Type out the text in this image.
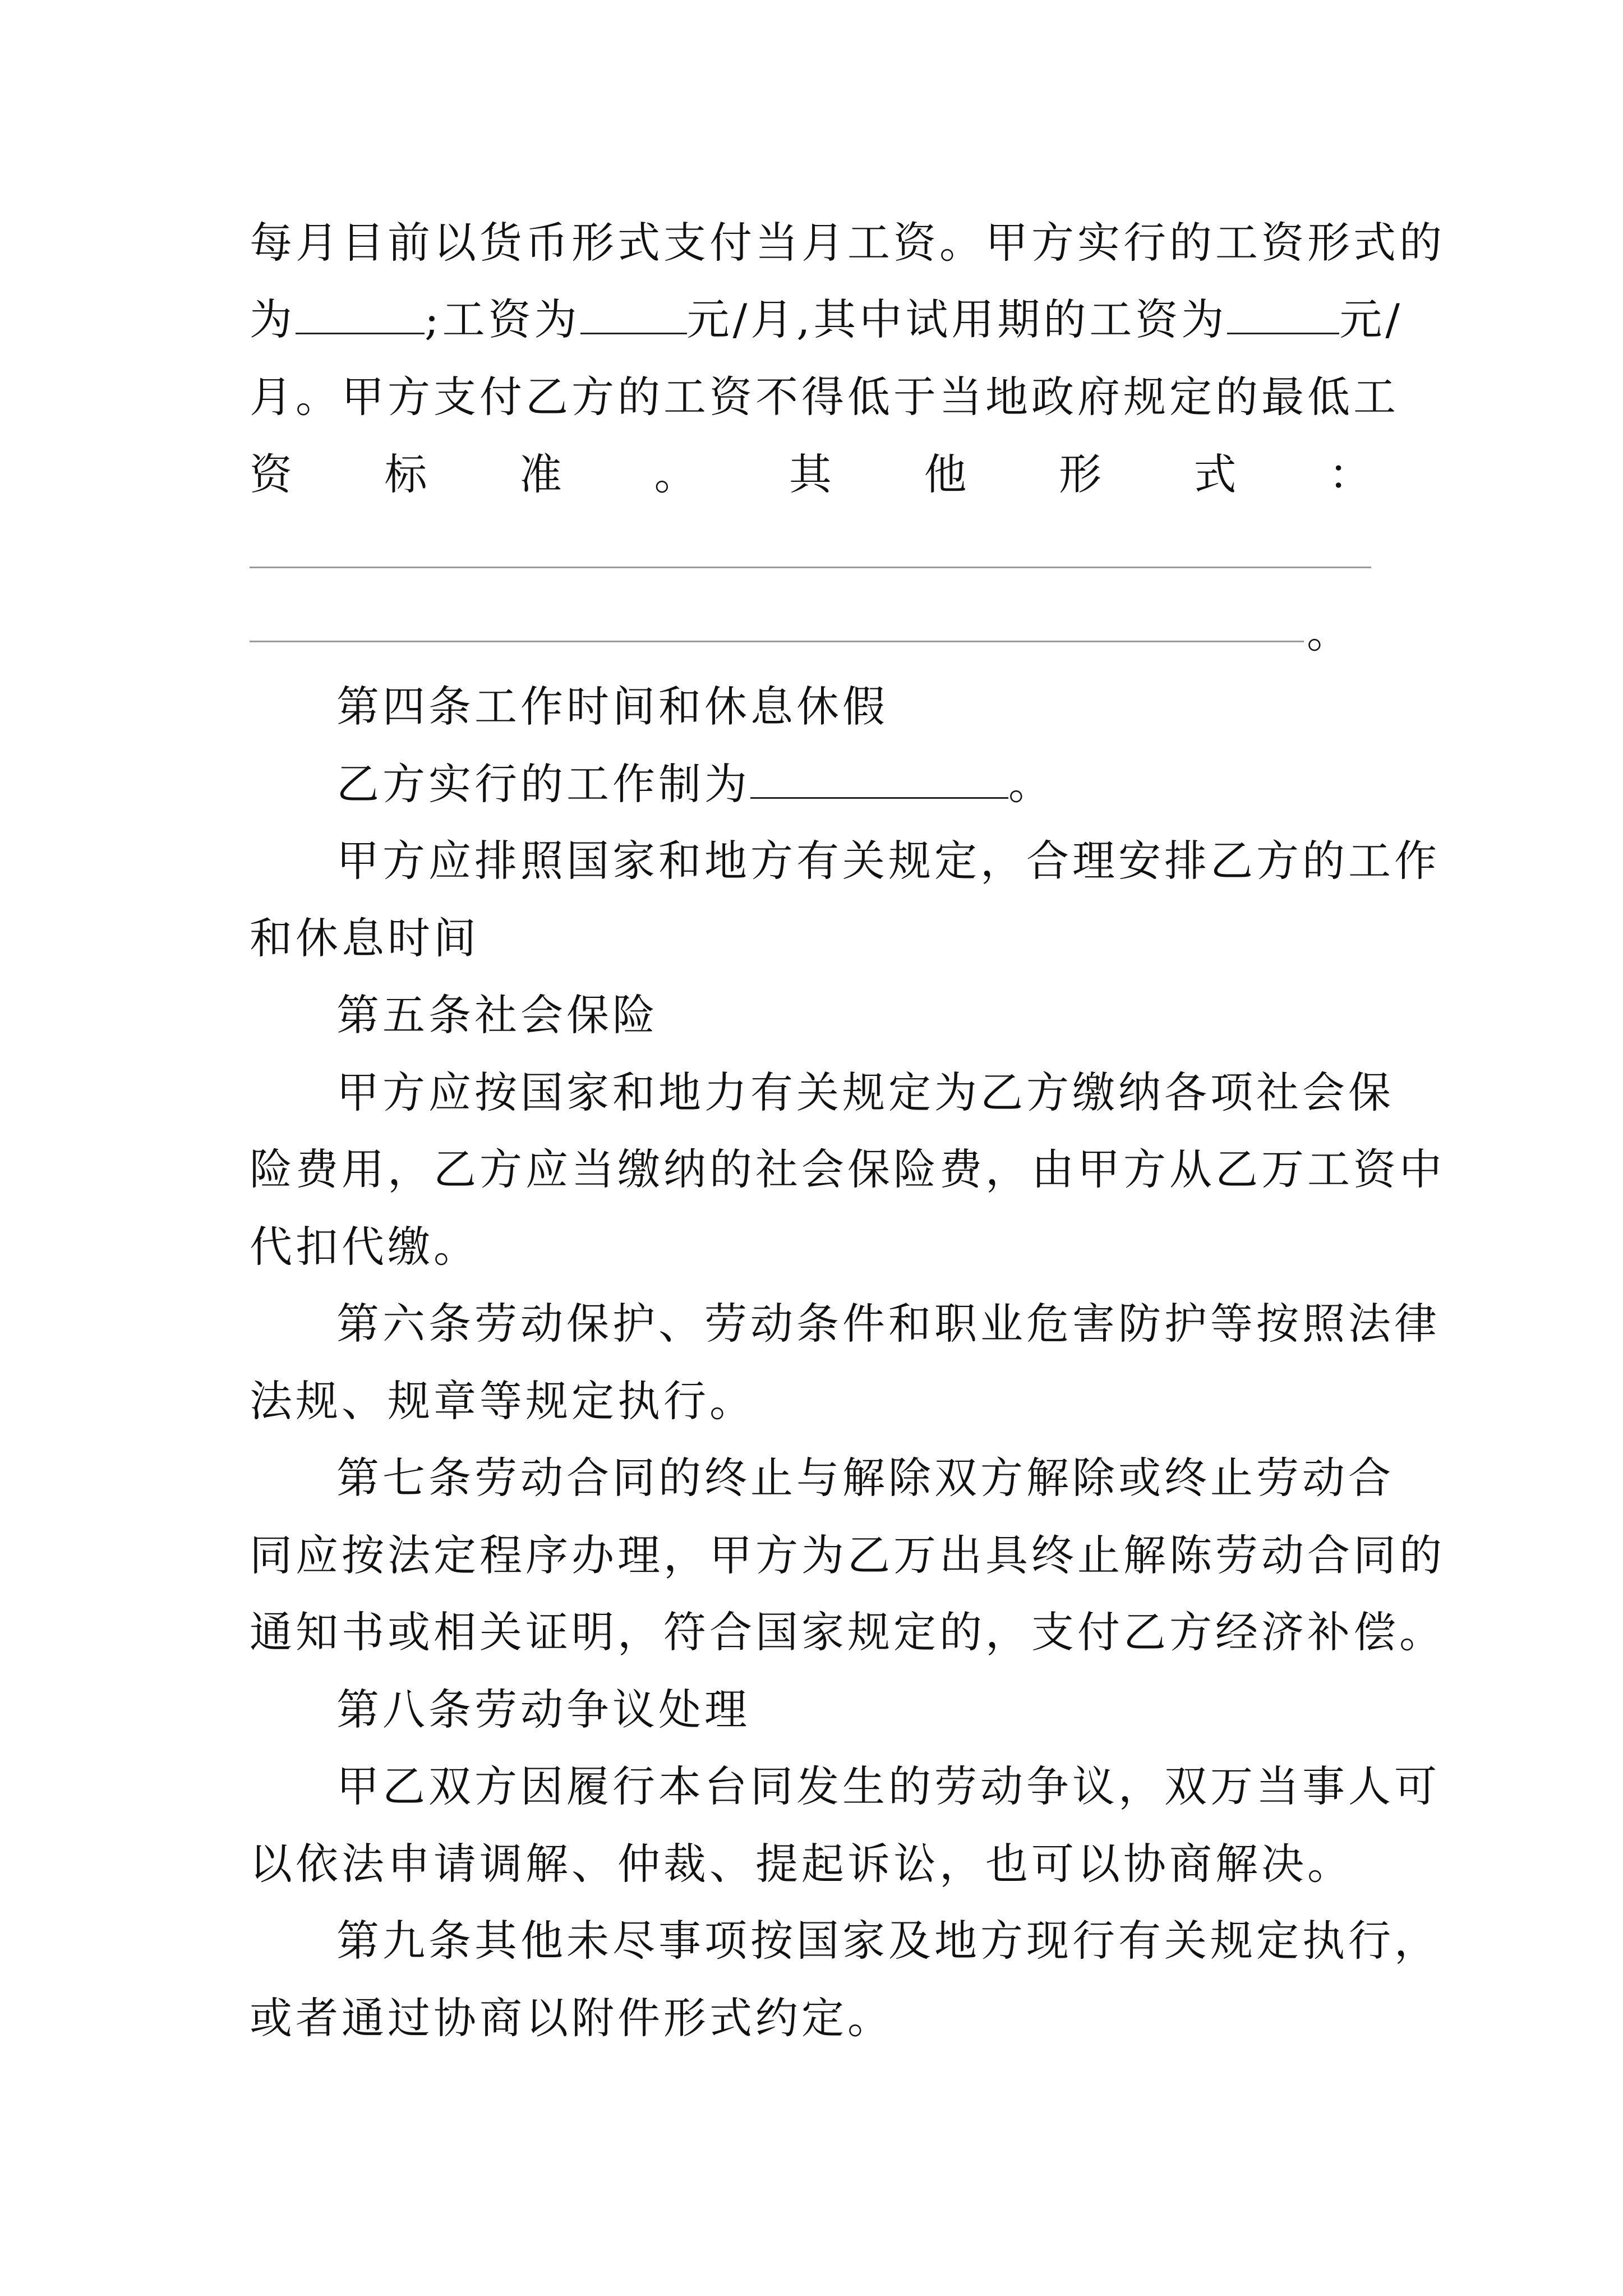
每月目前以货币形式支付当月工资。甲方实行的工资形式的
为	;工资为	元/月,其中试用期的工资为	元/
月。甲方支付乙方的工资不得低于当地政府规定的最低工
资 标 准 。 其 他 形 式 ：
。
第四条工作时间和休息休假
乙方实行的工作制为	。
甲方应排照国家和地方有关规定，合理安排乙方的工作
和休息时间
第五条社会保险
甲方应按国家和地力有关规定为乙方缴纳各项社会保
险费用，乙方应当缴纳的社会保险费，由甲方从乙万工资中
代扣代缴。
第六条劳动保护、劳动条件和职业危害防护等按照法律
法规、规章等规定执行。
第七条劳动合同的终止与解除双方解除或终止劳动合
同应按法定程序办理，甲方为乙万出具终止解陈劳动合同的
通知书或相关证明，符合国家规定的，支付乙方经济补偿。
第八条劳动争议处理
甲乙双方因履行本台同发生的劳动争议，双万当事人可
以依法申请调解、仲裁、提起诉讼，也可以协商解决。
第九条其他未尽事项按国家及地方现行有关规定执行，
或者通过协商以附件形式约定。
